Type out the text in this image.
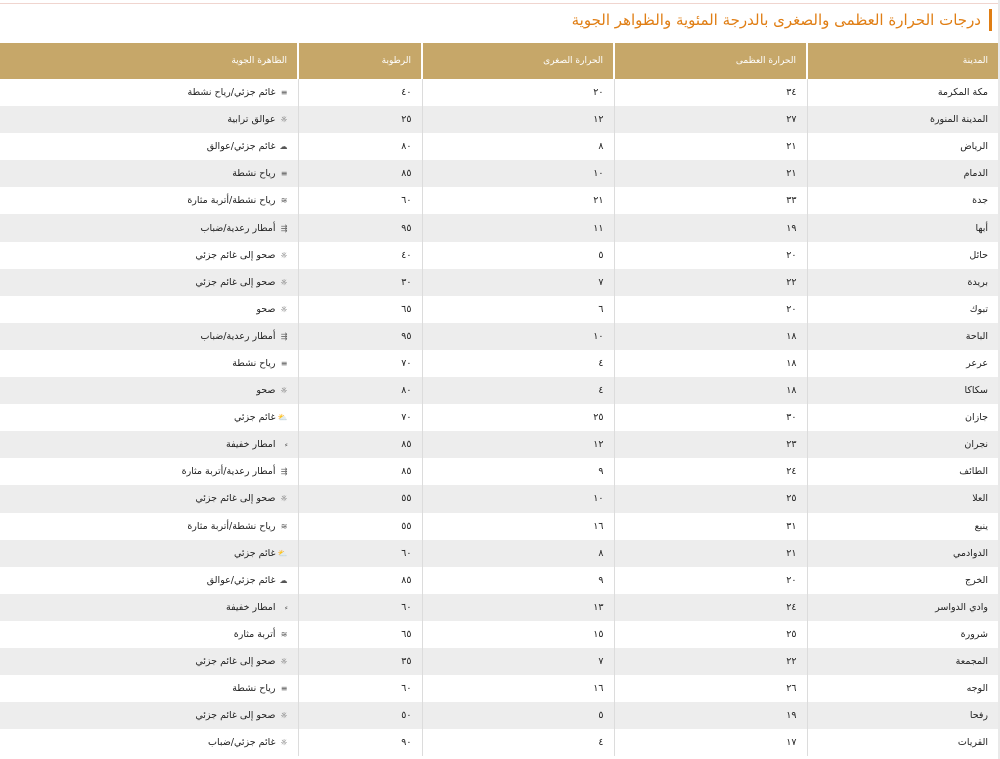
درجات الحرارة العظمى والصغرى بالدرجة المئوية والظواهر الجوية
المدينة	الحرارة العظمى	الحرارة الصغرى	الرطوبة	الظاهرة الجوية
مكة المكرمة	٣٤	٢٠	٤٠	≡غائم جزئي/رياح نشطة
المدينة المنورة	٢٧	١٢	٢٥	☼عوالق ترابية
الرياض	٢١	٨	٨٠	☁غائم جزئي/عوالق
الدمام	٢١	١٠	٨٥	≡رياح نشطة
جدة	٣٣	٢١	٦٠	≋رياح نشطة/أتربة مثارة
أبها	١٩	١١	٩٥	⇶أمطار رعدية/ضباب
حائل	٢٠	٥	٤٠	☼صحو إلى غائم جزئي
بريدة	٢٢	٧	٣٠	☼صحو إلى غائم جزئي
تبوك	٢٠	٦	٦٥	☼صحو
الباحة	١٨	١٠	٩٥	⇶أمطار رعدية/ضباب
عرعر	١٨	٤	٧٠	≡رياح نشطة
سكاكا	١٨	٤	٨٠	☼صحو
جازان	٣٠	٢٥	٧٠	⛅غائم جزئي
نجران	٢٣	١٢	٨٥	⸗امطار خفيفة
الطائف	٢٤	٩	٨٥	⇶أمطار رعدية/أتربة مثارة
العلا	٢٥	١٠	٥٥	☼صحو إلى غائم جزئي
ينبع	٣١	١٦	٥٥	≋رياح نشطة/أتربة مثارة
الدوادمي	٢١	٨	٦٠	⛅غائم جزئي
الخرج	٢٠	٩	٨٥	☁غائم جزئي/عوالق
وادي الدواسر	٢٤	١٣	٦٠	⸗امطار خفيفة
شرورة	٢٥	١٥	٦٥	≋أتربة مثارة
المجمعة	٢٢	٧	٣٥	☼صحو إلى غائم جزئي
الوجه	٢٦	١٦	٦٠	≡رياح نشطة
رفحا	١٩	٥	٥٠	☼صحو إلى غائم جزئي
القريات	١٧	٤	٩٠	☼غائم جزئي/ضباب
